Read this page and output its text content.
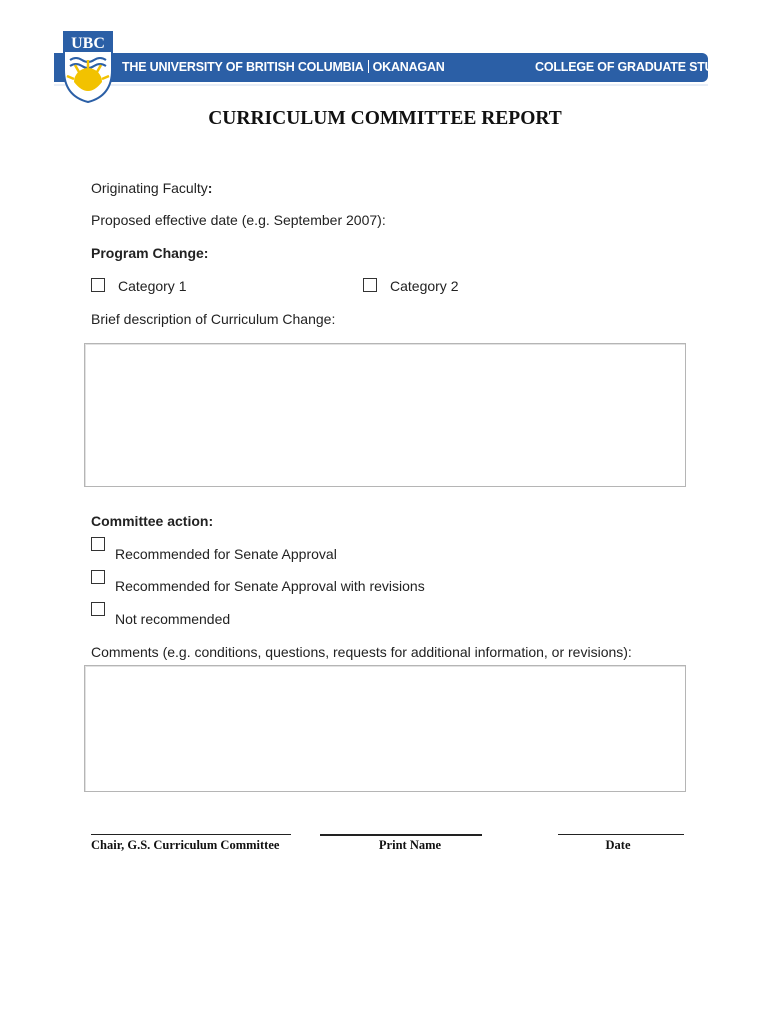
UBC
THE UNIVERSITY OF BRITISH COLUMBIA OKANAGAN	COLLEGE OF GRADUATE STUDIES
CURRICULUM COMMITTEE REPORT
Originating Faculty:
Proposed effective date (e.g. September 2007):
Program Change:
Category 1	Category 2
Brief description of Curriculum Change:
Committee action:
Recommended for Senate Approval
Recommended for Senate Approval with revisions
Not recommended
Comments (e.g. conditions, questions, requests for additional information, or revisions):
Chair, G.S. Curriculum Committee	Print Name	Date
